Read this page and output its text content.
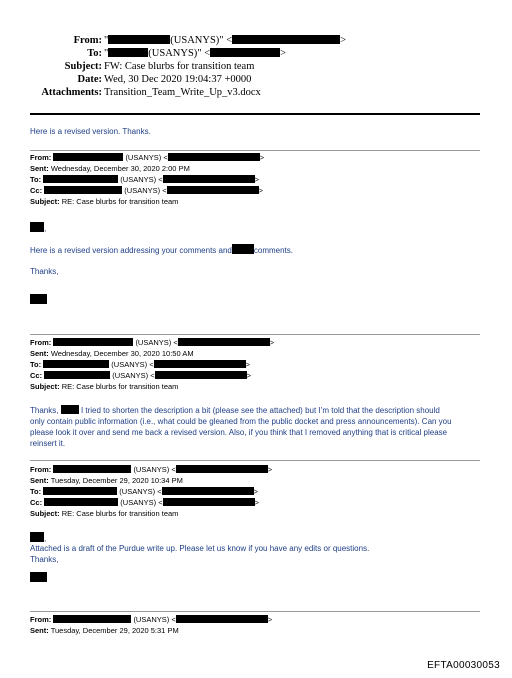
From: "	(USANYS)" <	>
To: "	(USANYS)" <	>
Subject: FW: Case blurbs for transition team
Date: Wed, 30 Dec 2020 19:04:37 +0000
Attachments: Transition_Team_Write_Up_v3.docx
Here is a revised version. Thanks.
From:	(USANYS) <	>
Sent: Wednesday, December 30, 2020 2:00 PM
To:	(USANYS) <	>
Cc:	(USANYS) <	>
Subject: RE: Case blurbs for transition team
,
Here is a revised version addressing your comments and	comments.
Thanks,
From:	(USANYS) <	>
Sent: Wednesday, December 30, 2020 10:50 AM
To:	(USANYS) <	>
Cc:	(USANYS) <	>
Subject: RE: Case blurbs for transition team
Thanks,	I tried to shorten the description a bit (please see the attached) but I’m told that the description should
only contain public information (i.e., what could be gleaned from the public docket and press announcements). Can you
please look it over and send me back a revised version. Also, if you think that I removed anything that is critical please
reinsert it.
From:	(USANYS) <	>
Sent: Tuesday, December 29, 2020 10:34 PM
To:	(USANYS) <	>
Cc:	(USANYS) <	>
Subject: RE: Case blurbs for transition team
,
Attached is a draft of the Purdue write up. Please let us know if you have any edits or questions.
Thanks,
From:	(USANYS) <	>
Sent: Tuesday, December 29, 2020 5:31 PM
EFTA00030053
